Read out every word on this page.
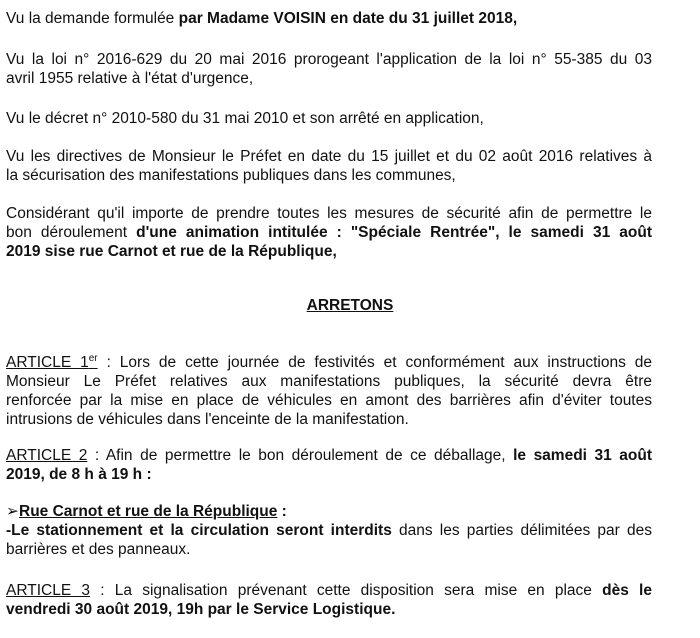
Vu la demande formulée par Madame VOISIN en date du 31 juillet 2018,

Vu la loi n° 2016-629 du 20 mai 2016 prorogeant l'application de la loi n° 55-385 du 03
avril 1955 relative à l'état d'urgence,

Vu le décret n° 2010-580 du 31 mai 2010 et son arrêté en application,

Vu les directives de Monsieur le Préfet en date du 15 juillet et du 02 août 2016 relatives à
la sécurisation des manifestations publiques dans les communes,

Considérant qu'il importe de prendre toutes les mesures de sécurité afin de permettre le
bon déroulement d'une animation intitulée : "Spéciale Rentrée", le samedi 31 août
2019 sise rue Carnot et rue de la République,

ARRETONS

ARTICLE 1er : Lors de cette journée de festivités et conformément aux instructions de
Monsieur Le Préfet relatives aux manifestations publiques, la sécurité devra être
renforcée par la mise en place de véhicules en amont des barrières afin d'éviter toutes
intrusions de véhicules dans l'enceinte de la manifestation.

ARTICLE 2 : Afin de permettre le bon déroulement de ce déballage, le samedi 31 août
2019, de 8 h à 19 h :

➢Rue Carnot et rue de la République :
-Le stationnement et la circulation seront interdits dans les parties délimitées par des
barrières et des panneaux.

ARTICLE 3 : La signalisation prévenant cette disposition sera mise en place dès le
vendredi 30 août 2019, 19h par le Service Logistique.
